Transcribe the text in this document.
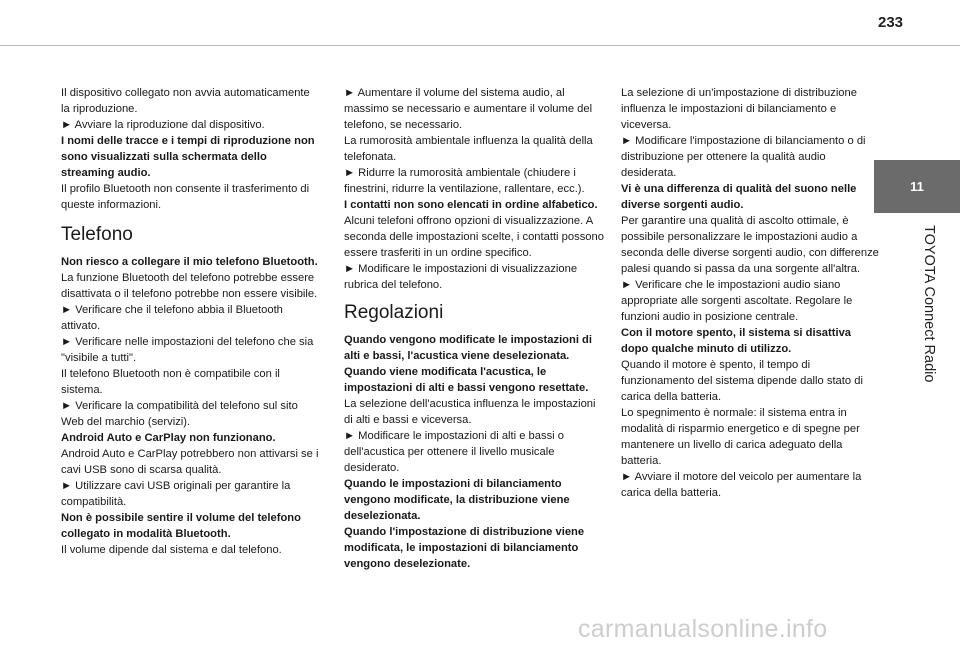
233
11
TOYOTA Connect Radio

Il dispositivo collegato non avvia automaticamente la riproduzione.

► Avviare la riproduzione dal dispositivo.

I nomi delle tracce e i tempi di riproduzione non sono visualizzati sulla schermata dello streaming audio.

Il profilo Bluetooth non consente il trasferimento di queste informazioni.

Telefono

Non riesco a collegare il mio telefono Bluetooth.

La funzione Bluetooth del telefono potrebbe essere disattivata o il telefono potrebbe non essere visibile.

► Verificare che il telefono abbia il Bluetooth attivato.

► Verificare nelle impostazioni del telefono che sia "visibile a tutti".

Il telefono Bluetooth non è compatibile con il sistema.

► Verificare la compatibilità del telefono sul sito Web del marchio (servizi).

Android Auto e CarPlay non funzionano.

Android Auto e CarPlay potrebbero non attivarsi se i cavi USB sono di scarsa qualità.

► Utilizzare cavi USB originali per garantire la compatibilità.

Non è possibile sentire il volume del telefono collegato in modalità Bluetooth.

Il volume dipende dal sistema e dal telefono.

► Aumentare il volume del sistema audio, al massimo se necessario e aumentare il volume del telefono, se necessario.

La rumorosità ambientale influenza la qualità della telefonata.

► Ridurre la rumorosità ambientale (chiudere i finestrini, ridurre la ventilazione, rallentare, ecc.).

I contatti non sono elencati in ordine alfabetico.

Alcuni telefoni offrono opzioni di visualizzazione. A seconda delle impostazioni scelte, i contatti possono essere trasferiti in un ordine specifico.

► Modificare le impostazioni di visualizzazione rubrica del telefono.

Regolazioni

Quando vengono modificate le impostazioni di alti e bassi, l'acustica viene deselezionata. Quando viene modificata l'acustica, le impostazioni di alti e bassi vengono resettate.

La selezione dell'acustica influenza le impostazioni di alti e bassi e viceversa.

► Modificare le impostazioni di alti e bassi o dell'acustica per ottenere il livello musicale desiderato.

Quando le impostazioni di bilanciamento vengono modificate, la distribuzione viene deselezionata.

Quando l'impostazione di distribuzione viene modificata, le impostazioni di bilanciamento vengono deselezionate.

La selezione di un'impostazione di distribuzione influenza le impostazioni di bilanciamento e viceversa.

► Modificare l'impostazione di bilanciamento o di distribuzione per ottenere la qualità audio desiderata.

Vi è una differenza di qualità del suono nelle diverse sorgenti audio.

Per garantire una qualità di ascolto ottimale, è possibile personalizzare le impostazioni audio a seconda delle diverse sorgenti audio, con differenze palesi quando si passa da una sorgente all'altra.

► Verificare che le impostazioni audio siano appropriate alle sorgenti ascoltate. Regolare le funzioni audio in posizione centrale.

Con il motore spento, il sistema si disattiva dopo qualche minuto di utilizzo.

Quando il motore è spento, il tempo di funzionamento del sistema dipende dallo stato di carica della batteria.

Lo spegnimento è normale: il sistema entra in modalità di risparmio energetico e di spegne per mantenere un livello di carica adeguato della batteria.

► Avviare il motore del veicolo per aumentare la carica della batteria.

carmanualsonline.info
